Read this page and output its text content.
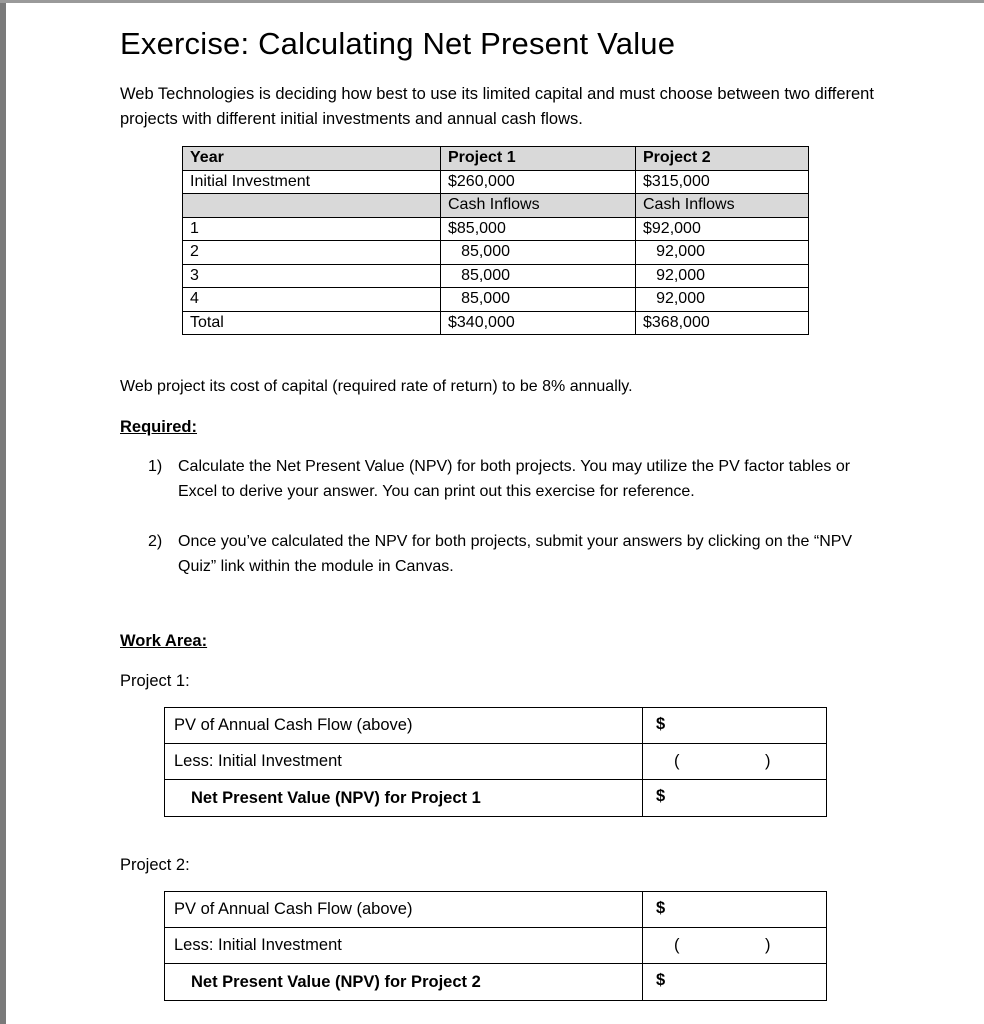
Exercise: Calculating Net Present Value
Web Technologies is deciding how best to use its limited capital and must choose between two different projects with different initial investments and annual cash flows.
Year	Project 1	Project 2
Initial Investment	$260,000	$315,000
	Cash Inflows	Cash Inflows
1	$85,000	$92,000
2	85,000	92,000
3	85,000	92,000
4	85,000	92,000
Total	$340,000	$368,000
Web project its cost of capital (required rate of return) to be 8% annually.
Required:
1) Calculate the Net Present Value (NPV) for both projects. You may utilize the PV factor tables or Excel to derive your answer. You can print out this exercise for reference.
2) Once you’ve calculated the NPV for both projects, submit your answers by clicking on the “NPV Quiz” link within the module in Canvas.
Work Area:
Project 1:
PV of Annual Cash Flow (above)	$

Less: Initial Investment	( )

Net Present Value (NPV) for Project 1	$
Project 2:
PV of Annual Cash Flow (above)	$

Less: Initial Investment	( )

Net Present Value (NPV) for Project 2	$
